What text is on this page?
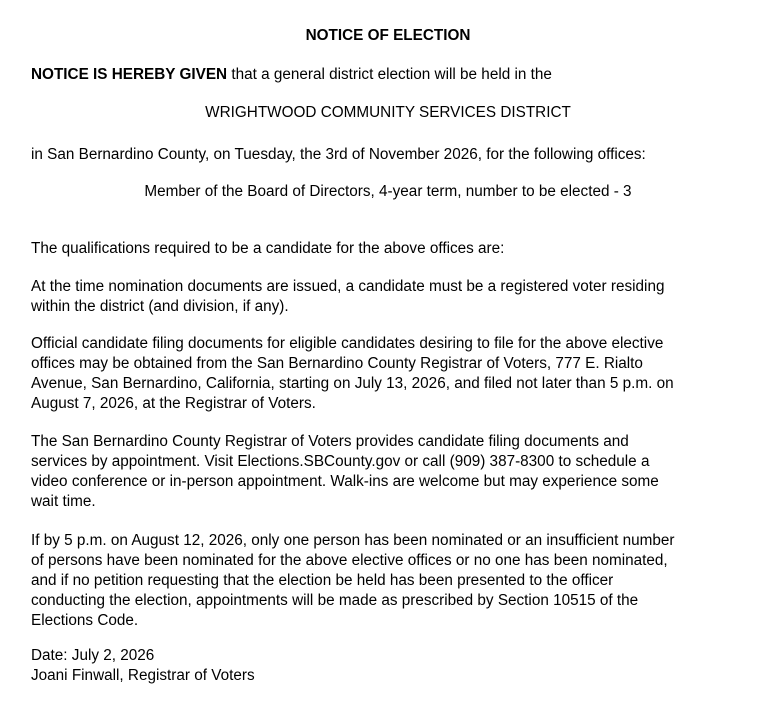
NOTICE OF ELECTION
NOTICE IS HEREBY GIVEN that a general district election will be held in the
WRIGHTWOOD COMMUNITY SERVICES DISTRICT
in San Bernardino County, on Tuesday, the 3rd of November 2026, for the following offices:
Member of the Board of Directors, 4-year term, number to be elected - 3
The qualifications required to be a candidate for the above offices are:
At the time nomination documents are issued, a candidate must be a registered voter residing
within the district (and division, if any).
Official candidate filing documents for eligible candidates desiring to file for the above elective
offices may be obtained from the San Bernardino County Registrar of Voters, 777 E. Rialto
Avenue, San Bernardino, California, starting on July 13, 2026, and filed not later than 5 p.m. on
August 7, 2026, at the Registrar of Voters.
The San Bernardino County Registrar of Voters provides candidate filing documents and
services by appointment. Visit Elections.SBCounty.gov or call (909) 387-8300 to schedule a
video conference or in-person appointment. Walk-ins are welcome but may experience some
wait time.
If by 5 p.m. on August 12, 2026, only one person has been nominated or an insufficient number
of persons have been nominated for the above elective offices or no one has been nominated,
and if no petition requesting that the election be held has been presented to the officer
conducting the election, appointments will be made as prescribed by Section 10515 of the
Elections Code.
Date: July 2, 2026
Joani Finwall, Registrar of Voters
